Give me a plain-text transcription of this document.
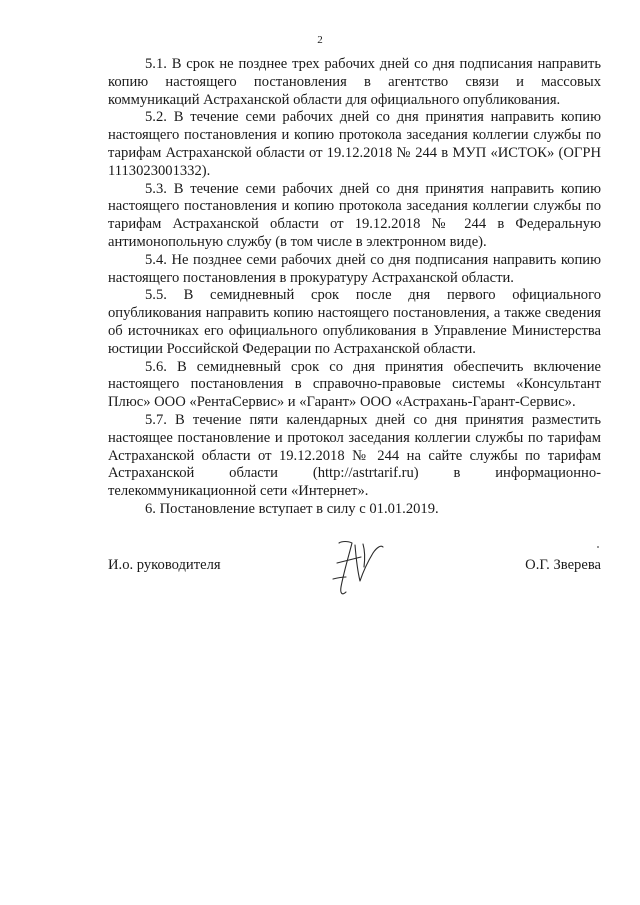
2

5.1. В срок не позднее трех рабочих дней со дня подписания направить копию настоящего постановления в агентство связи и массовых коммуникаций Астраханской области для официального опубликования.

5.2. В течение семи рабочих дней со дня принятия направить копию настоящего постановления и копию протокола заседания коллегии службы по тарифам Астраханской области от 19.12.2018 № 244 в МУП «ИСТОК» (ОГРН 1113023001332).

5.3. В течение семи рабочих дней со дня принятия направить копию настоящего постановления и копию протокола заседания коллегии службы по тарифам Астраханской области от 19.12.2018 № 244 в Федеральную антимонопольную службу (в том числе в электронном виде).

5.4. Не позднее семи рабочих дней со дня подписания направить копию настоящего постановления в прокуратуру Астраханской области.

5.5. В семидневный срок после дня первого официального опубликования направить копию настоящего постановления, а также сведения об источниках его официального опубликования в Управление Министерства юстиции Российской Федерации по Астраханской области.

5.6. В семидневный срок со дня принятия обеспечить включение настоящего постановления в справочно-правовые системы «Консультант Плюс» ООО «РентаСервис» и «Гарант» ООО «Астрахань-Гарант-Сервис».

5.7. В течение пяти календарных дней со дня принятия разместить настоящее постановление и протокол заседания коллегии службы по тарифам Астраханской области от 19.12.2018 № 244 на сайте службы по тарифам Астраханской области (http://astrtarif.ru) в информационно-телекоммуникационной сети «Интернет».

6. Постановление вступает в силу с 01.01.2019.

И.о. руководителя	О.Г. Зверева
